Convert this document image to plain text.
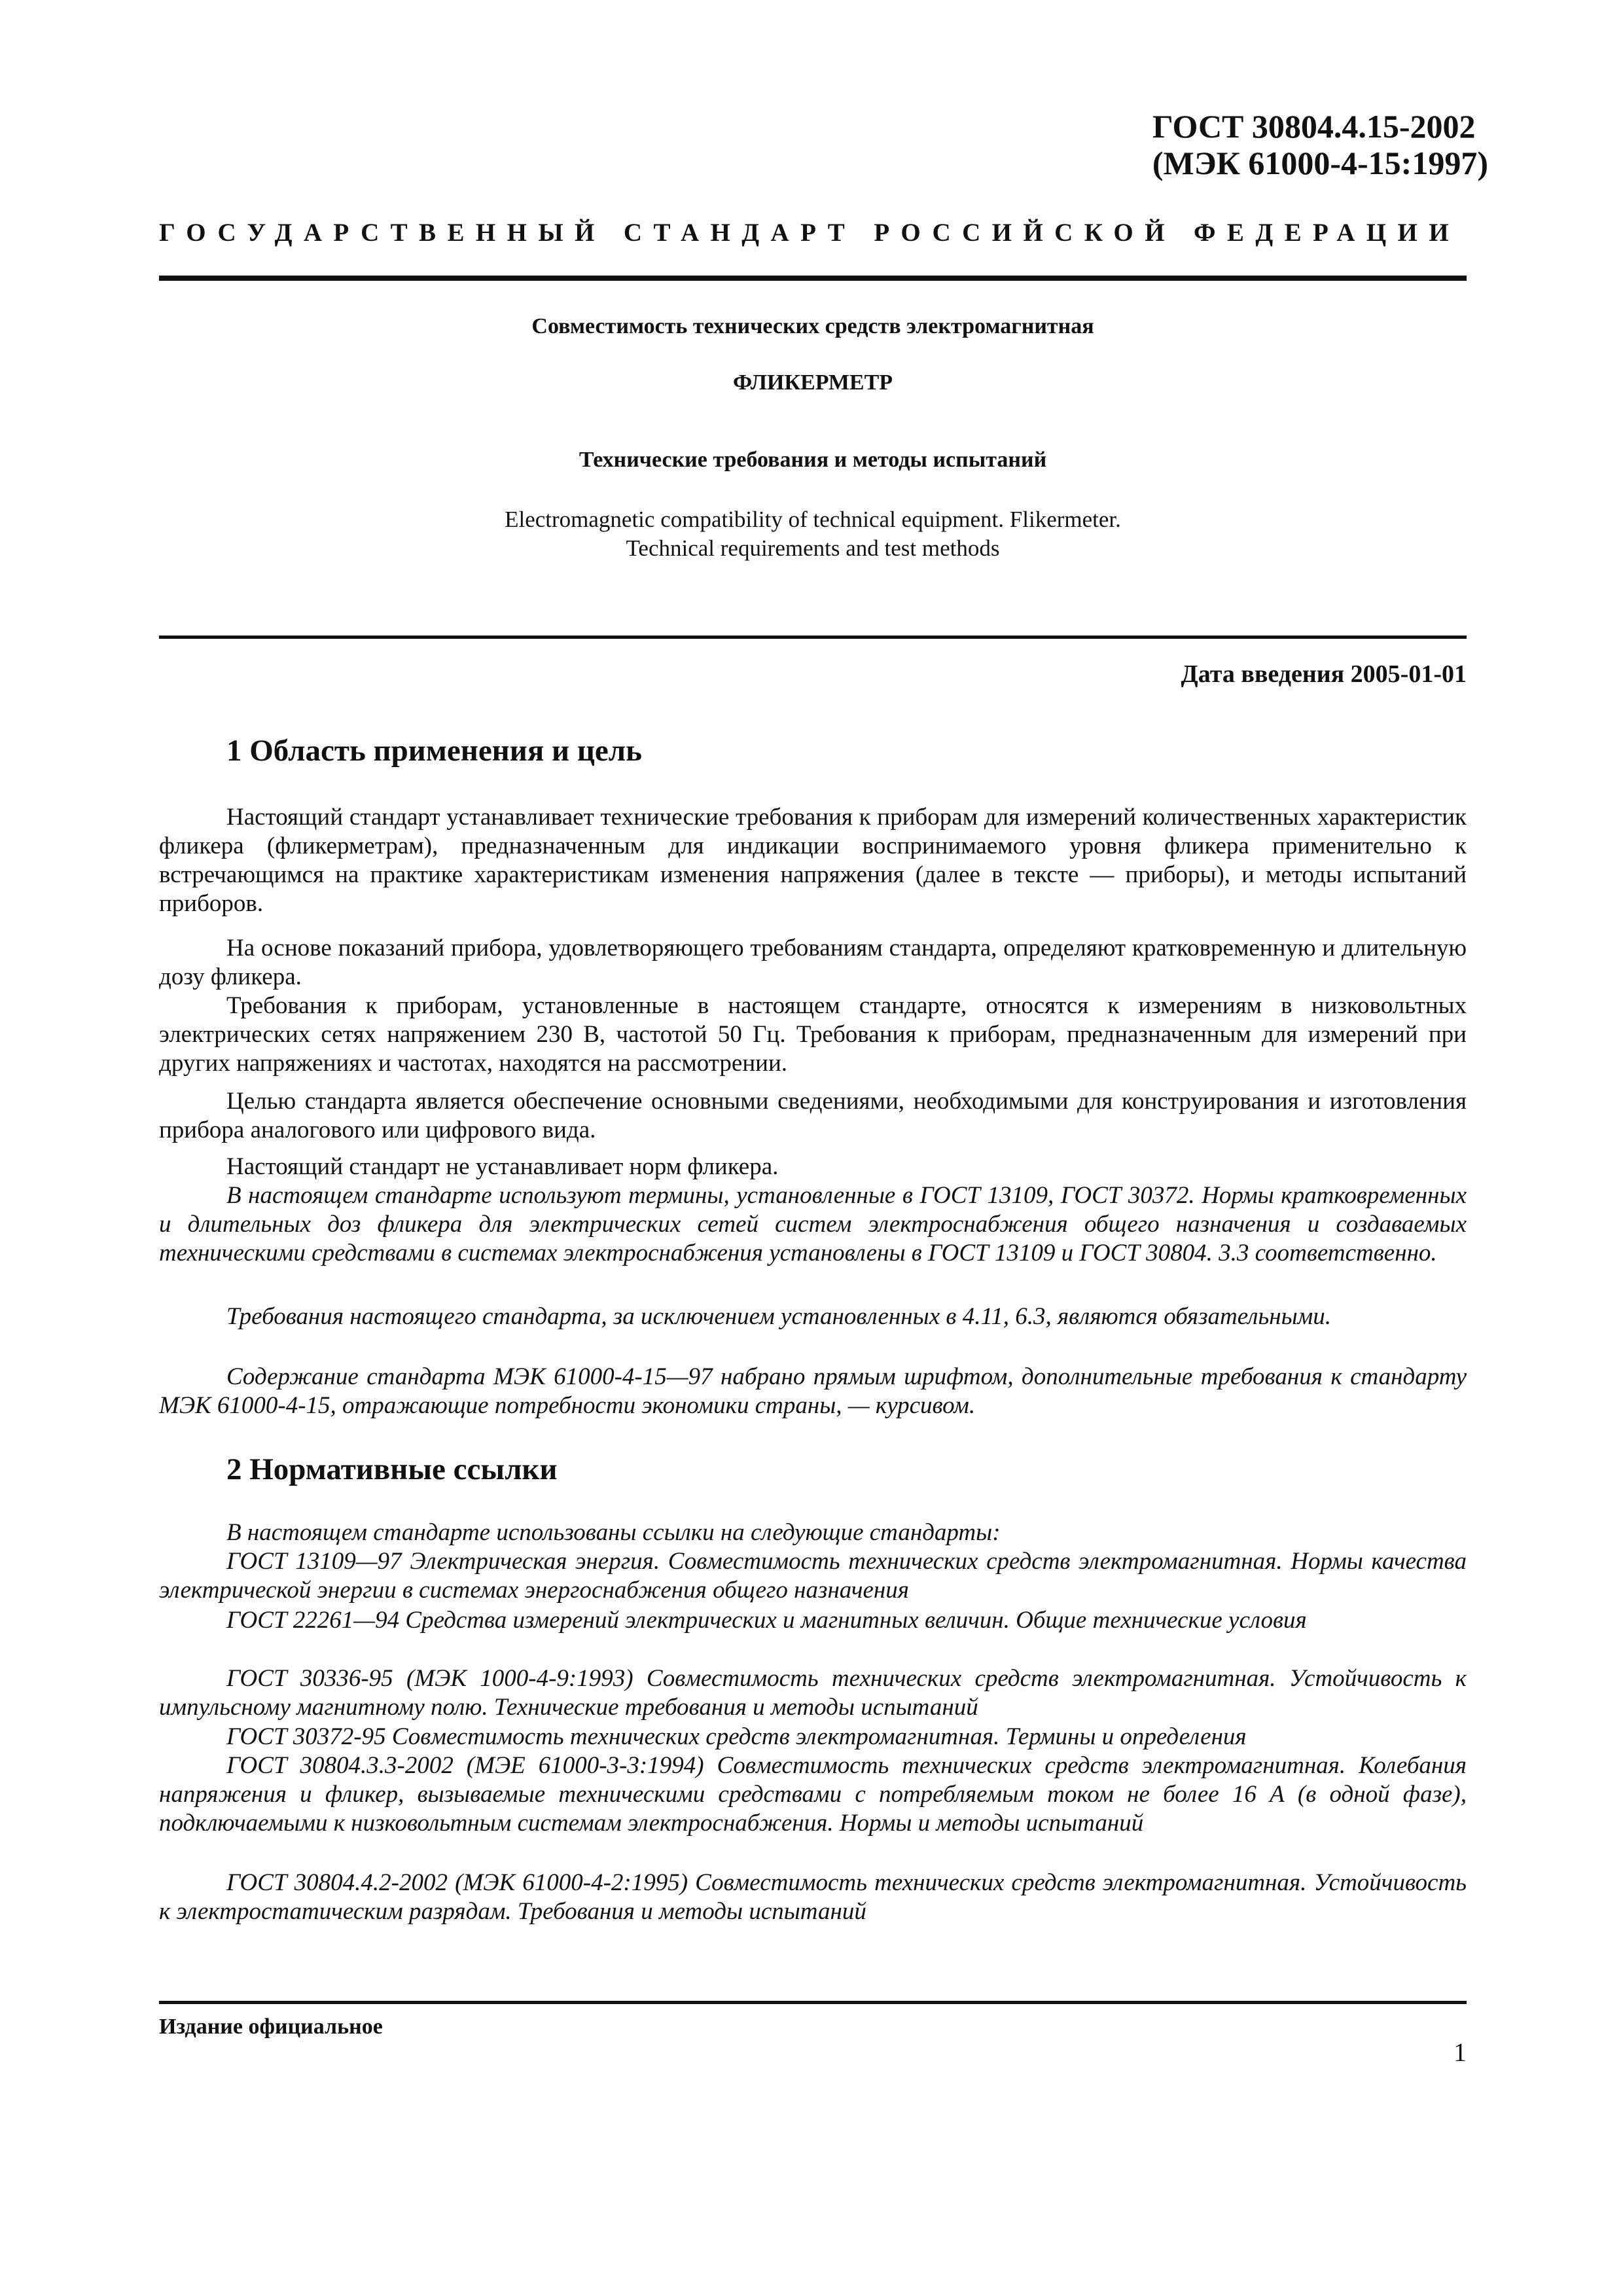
ГОСТ 30804.4.15-2002
(МЭК 61000-4-15:1997)
ГОСУДАРСТВЕННЫЙ СТАНДАРТ РОССИЙСКОЙ ФЕДЕРАЦИИ
Совместимость технических средств электромагнитная
ФЛИКЕРМЕТР
Технические требования и методы испытаний
Electromagnetic compatibility of technical equipment. Flikermeter.
Technical requirements and test methods
Дата введения 2005-01-01
1 Область применения и цель

Настоящий стандарт устанавливает технические требования к приборам для измерений количественных характеристик фликера (фликерметрам), предназначенным для индикации воспринимаемого уровня фликера применительно к встречающимся на практике характеристикам изменения напряжения (далее в тексте — приборы), и методы испытаний приборов.

На основе показаний прибора, удовлетворяющего требованиям стандарта, определяют кратковременную и длительную дозу фликера.

Требования к приборам, установленные в настоящем стандарте, относятся к измерениям в низковольтных электрических сетях напряжением 230 В, частотой 50 Гц. Требования к приборам, предназначенным для измерений при других напряжениях и частотах, находятся на рассмотрении.

Целью стандарта является обеспечение основными сведениями, необходимыми для конструирования и изготовления прибора аналогового или цифрового вида.

Настоящий стандарт не устанавливает норм фликера.

В настоящем стандарте используют термины, установленные в ГОСТ 13109, ГОСТ 30372. Нормы кратковременных и длительных доз фликера для электрических сетей систем электроснабжения общего назначения и создаваемых техническими средствами в системах электроснабжения установлены в ГОСТ 13109 и ГОСТ 30804. 3.3 соответственно.

Требования настоящего стандарта, за исключением установленных в 4.11, 6.3, являются обязательными.

Содержание стандарта МЭК 61000-4-15—97 набрано прямым шрифтом, дополнительные требования к стандарту МЭК 61000-4-15, отражающие потребности экономики страны, — курсивом.

2 Нормативные ссылки

В настоящем стандарте использованы ссылки на следующие стандарты:

ГОСТ 13109—97 Электрическая энергия. Совместимость технических средств электромагнитная. Нормы качества электрической энергии в системах энергоснабжения общего назначения

ГОСТ 22261—94 Средства измерений электрических и магнитных величин. Общие технические условия

ГОСТ 30336-95 (МЭК 1000-4-9:1993) Совместимость технических средств электромагнитная. Устойчивость к импульсному магнитному полю. Технические требования и методы испытаний

ГОСТ 30372-95 Совместимость технических средств электромагнитная. Термины и определения

ГОСТ 30804.3.3-2002 (МЭЕ 61000-3-3:1994) Совместимость технических средств электромагнитная. Колебания напряжения и фликер, вызываемые техническими средствами с потребляемым током не более 16 А (в одной фазе), подключаемыми к низковольтным системам электроснабжения. Нормы и методы испытаний

ГОСТ 30804.4.2-2002 (МЭК 61000-4-2:1995) Совместимость технических средств электромагнитная. Устойчивость к электростатическим разрядам. Требования и методы испытаний

Издание официальное
1
